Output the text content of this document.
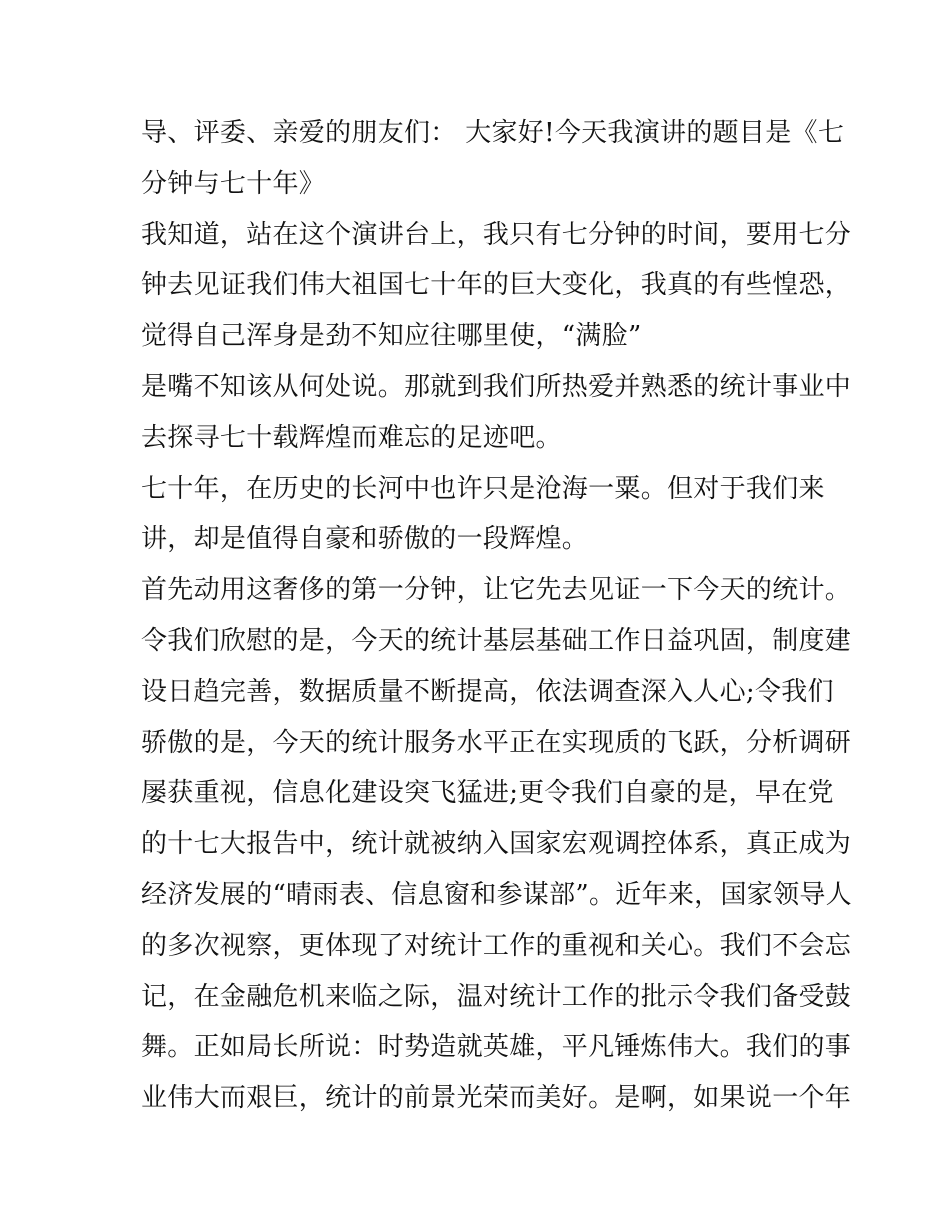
导、评委、亲爱的朋友们： 大家好!今天我演讲的题目是《七
分钟与七十年》
我知道，站在这个演讲台上，我只有七分钟的时间，要用七分
钟去见证我们伟大祖国七十年的巨大变化，我真的有些惶恐，
觉得自己浑身是劲不知应往哪里使，“满脸”
是嘴不知该从何处说。那就到我们所热爱并熟悉的统计事业中
去探寻七十载辉煌而难忘的足迹吧。
七十年，在历史的长河中也许只是沧海一粟。但对于我们来
讲，却是值得自豪和骄傲的一段辉煌。
首先动用这奢侈的第一分钟，让它先去见证一下今天的统计。
令我们欣慰的是，今天的统计基层基础工作日益巩固，制度建
设日趋完善，数据质量不断提高，依法调查深入人心;令我们
骄傲的是，今天的统计服务水平正在实现质的飞跃，分析调研
屡获重视，信息化建设突飞猛进;更令我们自豪的是，早在党
的十七大报告中，统计就被纳入国家宏观调控体系，真正成为
经济发展的“晴雨表、信息窗和参谋部”。近年来，国家领导人
的多次视察，更体现了对统计工作的重视和关心。我们不会忘
记，在金融危机来临之际，温对统计工作的批示令我们备受鼓
舞。正如局长所说：时势造就英雄，平凡锤炼伟大。我们的事
业伟大而艰巨，统计的前景光荣而美好。是啊，如果说一个年
